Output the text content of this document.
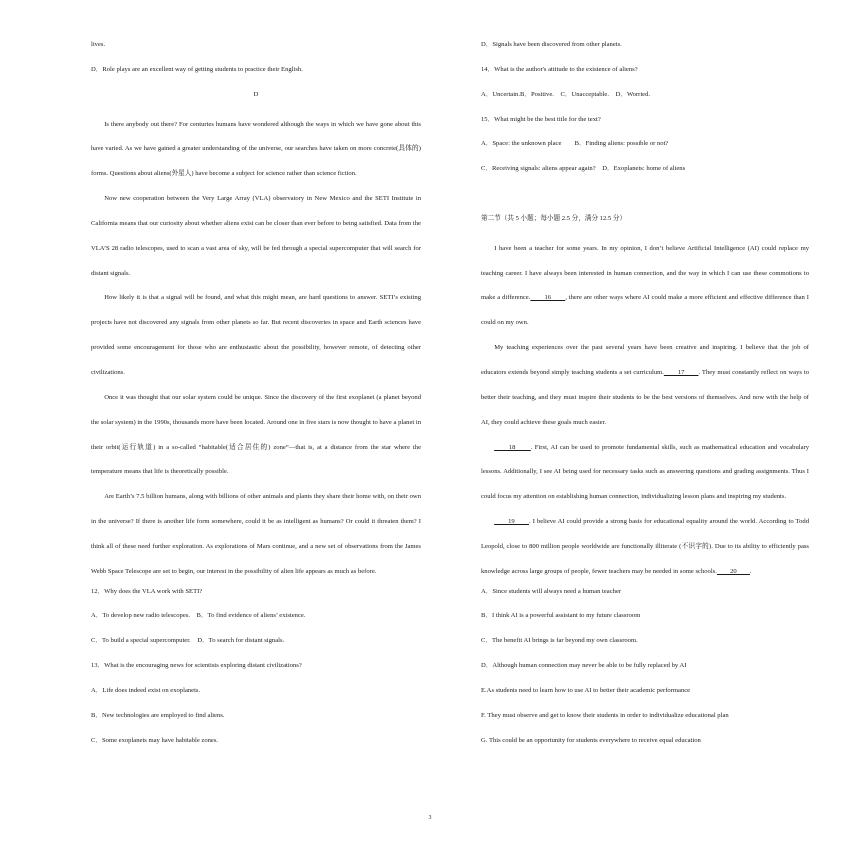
lives.
D．Role plays are an excellent way of getting students to practice their English.
D

Is there anybody out there? For centuries humans have wondered although the ways in which we have gone about this have varied. As we have gained a greater understanding of the universe, our searches have taken on more concrete(具体的) forms. Questions about aliens(外星人) have become a subject for science rather than science fiction.

Now new cooperation between the Very Large Array (VLA) observatory in New Mexico and the SETI Institute in California means that our curiosity about whether aliens exist can be closer than ever before to being satisfied. Data from the VLA’S 28 radio telescopes, used to scan a vast area of sky, will be fed through a special supercomputer that will search for distant signals.

How likely it is that a signal will be found, and what this might mean, are hard questions to answer. SETI’s existing projects have not discovered any signals from other planets so far. But recent discoveries in space and Earth sciences have provided some encouragement for those who are enthusiastic about the possibility, however remote, of detecting other civilizations.

Once it was thought that our solar system could be unique. Since the discovery of the first exoplanet (a planet beyond the solar system) in the 1990s, thousands more have been located. Around one in five stars is now thought to have a planet in their orbit(运行轨道) in a so-called “habitable(适合居住的) zone”—that is, at a distance from the star where the temperature means that life is theoretically possible.

Are Earth’s 7.5 billion humans, along with billions of other animals and plants they share their home with, on their own in the universe? If there is another life form somewhere, could it be as intelligent as humans? Or could it threaten them? I think all of these need further exploration. As explorations of Mars continue, and a new set of observations from the James Webb Space Telescope are set to begin, our interest in the possibility of alien life appears as much as before.

12．Why does the VLA work with SETI?
A．To develop new radio telescopes.　B．To find evidence of aliens’ existence.
C．To build a special supercomputer.　D．To search for distant signals.
13．What is the encouraging news for scientists exploring distant civilizations?
A．Life does indeed exist on exoplanets.
B．New technologies are employed to find aliens.
C．Some exoplanets may have habitable zones.
D．Signals have been discovered from other planets.
14．What is the author's attitude to the existence of aliens?
A．Uncertain.B．Positive.　C．Unacceptable.　D．Worried.
15．What might be the best title for the text?
A．Space: the unknown place　　B．Finding aliens: possible or not?
C．Receiving signals: aliens appear again?　D．Exoplanets: home of aliens
第二节（共 5 小题；每小题 2.5 分，满分 12.5 分）

I have been a teacher for some years. In my opinion, I don’t believe Artificial Intelligence (AI) could replace my teaching career. I have always been interested in human connection, and the way in which I can use these commotions to make a difference.　　16　　, there are other ways where AI could make a more efficient and effective difference than I could on my own.

My teaching experiences over the past several years have been creative and inspiring. I believe that the job of educators extends beyond simply teaching students a set curriculum.　　17　　. They must constantly reflect on ways to better their teaching, and they must inspire their students to be the best versions of themselves. And now with the help of AI, they could achieve these goals much easier.

　　18　　. First, AI can be used to promote fundamental skills, such as mathematical education and vocabulary lessons. Additionally, I see AI being used for necessary tasks such as answering questions and grading assignments. Thus I could focus my attention on establishing human connection, individualizing lesson plans and inspiring my students.

　　19　　. I believe AI could provide a strong basis for educational equality around the world. According to Todd Leopold, close to 800 million people worldwide are functionally illiterate (不识字的). Due to its ability to efficiently pass knowledge across large groups of people, fewer teachers may be needed in some schools.　　20　　.

A．Since students will always need a human teacher
B．I think AI is a powerful assistant to my future classroom
C．The benefit AI brings is far beyond my own classroom.
D．Although human connection may never be able to be fully replaced by AI
E.As students need to learn how to use AI to better their academic performance
F. They must observe and get to know their students in order to individualize educational plan
G. This could be an opportunity for students everywhere to receive equal education
3
